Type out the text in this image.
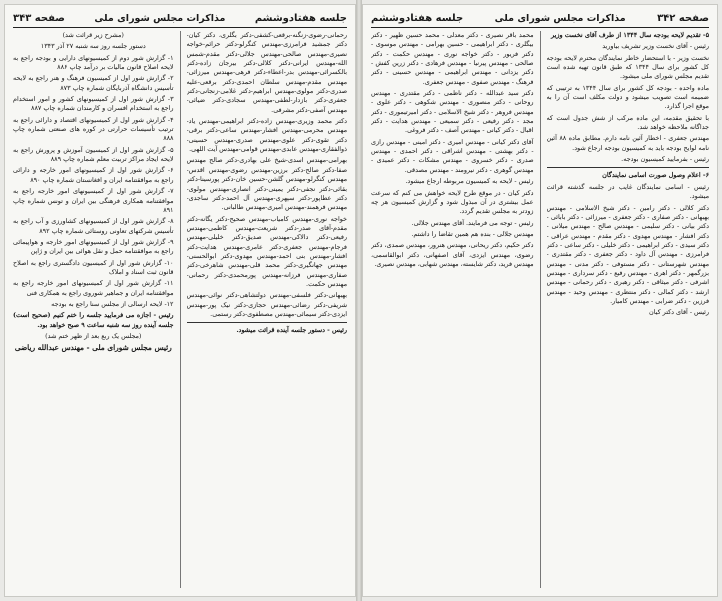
جلسه هفتادوششم
مذاکرات مجلس شورای ملی
صفحه ۳۴۳

رحمانی-رضوی-زنگنه-برقعی-کشفی-دکتر بگلری، دکتر کیان-دکتر جمشید فرامرزی-مهندس کنگرلو-دکتر حرائم-خواجه نصیری-مهندس صالحی-مهندس جلالی-دکتر مقدم-شمس الله-مهندس ایرانی-دکتر کلالی-دکتر بیرجان زاده-دکتر بالکسرائی-مهندس بدر-اعطاء-دکتر فرهی-مهندس میرزائی-مهندس مقدم-مهندس سلطان احمدی-دکتر برقعی-علیه صدری-دکتر مولوی-مهندس ابراهیم-دکتر غلامی-زنجانی-دکتر جعفری-دکتر بازدار-لطفی-مهندس سجادی-دکتر ضیائی-مهندس آصفی-دکتر مشرفی.

دکتر محمد وزیری-مهندس زاده-دکتر ابراهیمی-مهندس یاد-مهندس محرمی-مهندس افشار-مهندس ساعی-دکتر برقی-دکتر تقوی-دکتر علوی-مهندس صدری-مهندس حسینی-ذوالفقاری-مهندس عابدی-مهندس قوامی-مهندس آیت اللهی.

بهرامی-مهندس اسدی-شیخ علی بهادری-دکتر صالح مهندس صفا-دکتر صالح-دکتر برزین-مهندس رضوی-مهندس اقدس-مهندس کنگرلو-مهندس گلشن-حسین خان-دکتر پورسینا-دکتر بقائی-دکتر نجفی-دکتر یمینی-دکتر انصاری-مهندس مولوی-دکتر عطاپور-دکتر سپهری-مهندس آل احمد-دکتر ساجدی-مهندس فرهمند-مهندس امیری-مهندس طالبانی.

خواجه نوری-مهندس کامیاب-مهندس صحیح-دکتر یگانه-دکتر مقدم-آقای صدر-دکتر شریعت-مهندس کاظمی-مهندس رفیعی-دکتر دالاکی-مهندس صدیق-دکتر خلیلی-مهندس فرجام-مهندس جعفری-دکتر عامری-مهندس هدایت-دکتر افشار-مهندس بنی احمد-مهندس مهدوی-دکتر ابوالحسنی-مهندس جهانگیری-دکتر محمد قلی-مهندس شاهرخی-دکتر صفاری-مهندس فرزانه-مهندس پورمحمدی-دکتر رحمانی-مهندس حکمت.

بهبهانی-دکتر فلسفی-مهندس دولتشاهی-دکتر نوائی-مهندس شریفی-دکتر رضائی-مهندس حجازی-دکتر نیک پور-مهندس ایزدی-دکتر سیمائی-مهندس مصطفوی-دکتر رستمی.

رئیس - دستور جلسه آینده قرائت میشود.

(مشرح زیر قرائت شد)

دستور جلسه روز سه شنبه ۲۷ آذر ۱۳۴۳

۱- گزارش شور دوم از کمیسیونهای دارایی و بودجه راجع به لایحه اصلاح قانون مالیات بر درآمد چاپ ۸۸۶

۲- گزارش شور اول از کمیسیون فرهنگ و هنر راجع به لایحه تأسیس دانشگاه آذربایگان شماره چاپ ۸۷۳

۳- گزارش شور اول از کمیسیونهای کشور و امور استخدام راجع به استخدام افسران و کارمندان شماره چاپ ۸۸۷

۴- گزارش شور اول از کمیسیونهای اقتصاد و دارائی راجع به ترتیب تأسیسات حرارتی در کوره های صنعتی شماره چاپ ۸۸۸

۵- گزارش شور اول از کمیسیون آموزش و پرورش راجع به لایحه ایجاد مراکز تربیت معلم شماره چاپ ۸۸۹

۶- گزارش شور اول از کمیسیونهای امور خارجه و دارائی راجع به موافقتنامه ایران و افغانستان شماره چاپ ۸۹۰

۷- گزارش شور اول از کمیسیونهای امور خارجه راجع به موافقتنامه همکاری فرهنگی بین ایران و تونس شماره چاپ ۸۹۱

۸- گزارش شور اول از کمیسیونهای کشاورزی و آب راجع به تأسیس شرکتهای تعاونی روستائی شماره چاپ ۸۹۲

۹- گزارش شور اول از کمیسیونهای امور خارجه و هواپیمائی راجع به موافقتنامه حمل و نقل هوائی بین ایران و ژاپن

۱۰- گزارش شور اول از کمیسیون دادگستری راجع به اصلاح قانون ثبت اسناد و املاک

۱۱- گزارش شور اول از کمیسیونهای امور خارجه راجع به موافقتنامه ایران و جماهیر شوروی راجع به همکاری فنی

۱۲- لایحه ارسالی از مجلس سنا راجع به بودجه

رئیس - اجازه می فرمایید جلسه را ختم کنیم (صحیح است) جلسه آینده روز سه شنبه ساعت ۹ صبح خواهد بود.

(مجلس یک ربع بعد از ظهر ختم شد)

رئیس مجلس شورای ملی - مهندس عبدالله ریاضی

صفحه ۳۴۲
مذاکرات مجلس شورای ملی
جلسه هفتادوششم

۵- تقدیم لایحه بودجه سال ۱۳۴۴ از طرف آقای نخست وزیر

رئیس - آقای نخست وزیر تشریف بیاورید

نخست وزیر - با استحضار خاطر نمایندگان محترم لایحه بودجه کل کشور برای سال ۱۳۴۴ که طبق قانون تهیه شده است تقدیم مجلس شورای ملی میشود.

ماده واحده - بودجه کل کشور برای سال ۱۳۴۴ به ترتیبی که ضمیمه است تصویب میشود و دولت مکلف است آن را به موقع اجرا گذارد.

با تحقیق مقدمه، این ماده مرکب از شش جدول است که جداگانه ملاحظه خواهد شد.

مهندس جعفری - اخطار آئین نامه دارم. مطابق ماده ۸۸ آئین نامه لوایح بودجه باید به کمیسیون بودجه ارجاع شود.

رئیس - بفرمایید کمیسیون بودجه.

۶- اعلام وصول صورت اسامی نمایندگان

رئیس - اسامی نمایندگان غایب در جلسه گذشته قرائت میشود.

دکتر کلالی - دکتر رامین - دکتر شیخ الاسلامی - مهندس بهبهانی - دکتر صفاری - دکتر جعفری - میرزائی - دکتر بابائی - دکتر بیانی - دکتر سلیمی - مهندس صالح - مهندس میلانی - دکتر افشار - مهندس مهدوی - دکتر مقدم - مهندس عراقی - دکتر سیدی - دکتر ابراهیمی - دکتر خلیلی - دکتر ساعی - دکتر فرامرزی - مهندس آل داود - دکتر جعفری - دکتر مقتدری - مهندس شهرستانی - دکتر مستوفی - دکتر مدنی - مهندس بزرگمهر - دکتر اهری - مهندس رفیع - دکتر سرداری - مهندس اشرفی - دکتر میثاقی - دکتر رهبری - دکتر رحمانی - مهندس ارشد - دکتر کمالی - دکتر منتظری - مهندس وحید - مهندس فرزین - دکتر ضرابی - مهندس کامیار.

رئیس - آقای دکتر کیان

محمد باقر نصیری - دکتر معدلی - محمد حسین ظهیر - دکتر بیگلری - دکتر ابراهیمی - حسین بهرامی - مهندس موسوی - دکتر فریور - دکتر خواجه نوری - مهندس حکمت - دکتر صالحی - مهندس پیرنیا - مهندس فرهادی - دکتر زرین کفش - دکتر یزدانی - مهندس ابراهیمی - مهندس حسینی - دکتر فرهنگ - مهندس صفوی - مهندس جعفری.

دکتر سید عبدالله - دکتر ناظمی - دکتر مقتدری - مهندس روحانی - دکتر منصوری - مهندس شکوهی - دکتر علوی - مهندس فروهر - دکتر شیخ الاسلامی - دکتر امیرتیموری - دکتر مجد - دکتر رفیعی - دکتر سمیعی - مهندس هدایت - دکتر اقبال - دکتر کیانی - مهندس آصف - دکتر فروغی.

آقای دکتر کیانی - مهندس امیری - دکتر امینی - مهندس رازی - دکتر بهشتی - مهندس اشراقی - دکتر احمدی - مهندس صدری - دکتر خسروی - مهندس مشکات - دکتر عمیدی - مهندس گوهری - دکتر نیرومند - مهندس مصدقی.

رئیس - لایحه به کمیسیون مربوطه ارجاع میشود.

دکتر کیان - در موقع طرح لایحه خواهش می کنم که سرعت عمل بیشتری در آن مبذول شود و گزارش کمیسیون هر چه زودتر به مجلس تقدیم گردد.

رئیس - توجه می فرمایند. آقای مهندس جلالی.

مهندس جلالی - بنده هم همین تقاضا را داشتم.

دکتر حکیم، دکتر ریحانی، مهندس هنرور، مهندس صمدی، دکتر رضوی، مهندس ایزدی، آقای اصفهانی، دکتر ابوالقاسمی، مهندس فرید، دکتر شایسته، مهندس شهابی، مهندس نصیری.
